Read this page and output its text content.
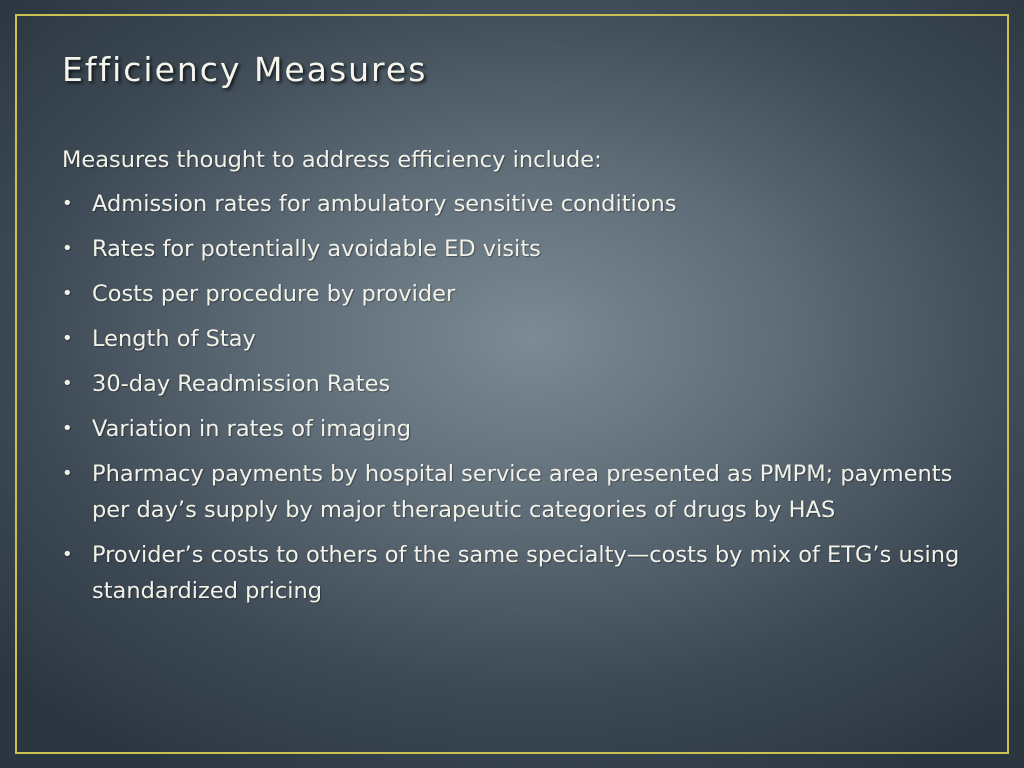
Efficiency Measures

Measures thought to address efficiency include:

• Admission rates for ambulatory sensitive conditions
• Rates for potentially avoidable ED visits
• Costs per procedure by provider
• Length of Stay
• 30-day Readmission Rates
• Variation in rates of imaging
• Pharmacy payments by hospital service area presented as PMPM; payments per day’s supply by major therapeutic categories of drugs by HAS
• Provider’s costs to others of the same specialty—costs by mix of ETG’s using standardized pricing
